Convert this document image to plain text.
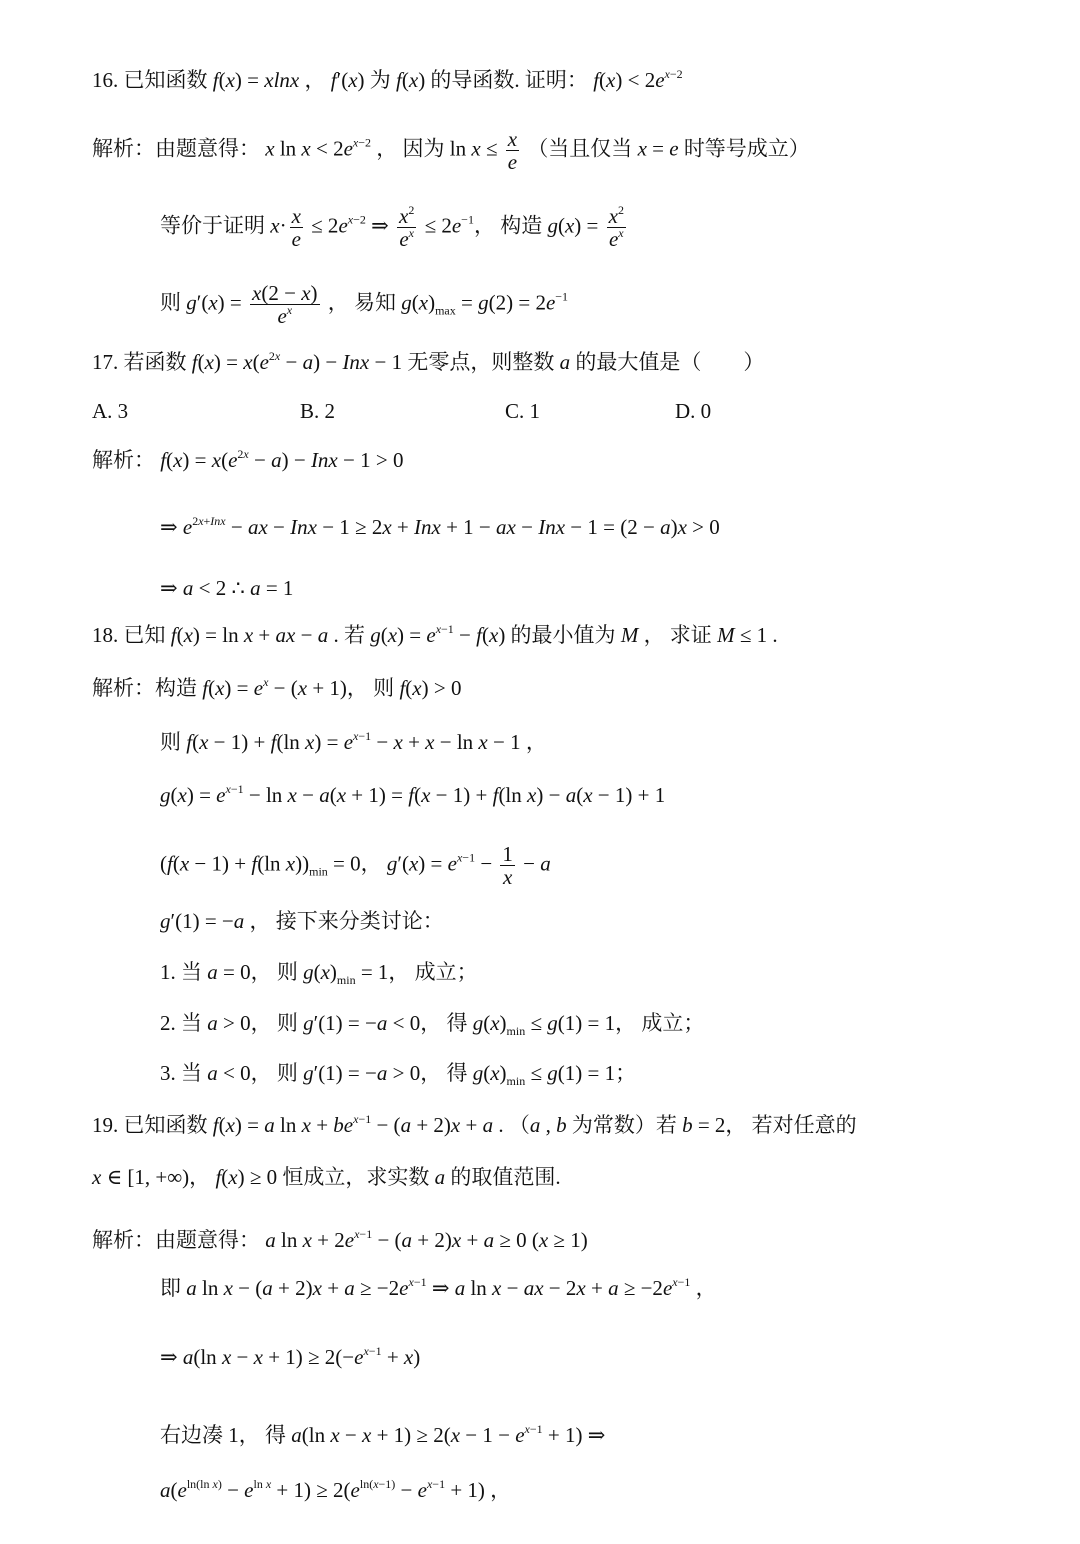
16. 已知函数 f(x) = xlnx ， f′(x) 为 f(x) 的导函数. 证明： $f(x) < 2e^{x-2}$
解析：由题意得： x $\ln x < 2e^{x-2}$ ， 因为 $\ln x \le \frac{x}{e}$ （当且仅当 x = e 时等号成立）
等价于证明 $x\cdot \frac{x}{e} \le 2e^{x-2}$ ⇒ $\frac{x^2}{e^x} \le 2e^{-1}$， 构造 $g(x) = \frac{x^2}{e^x}$
则 $g'(x) = \frac{x(2 - x)}{e^x}$ ， 易知 $g(x)_{max} = g(2) = 2e^{-1}$
17. 若函数 $f(x) = x(e^{2x} - a)$ − Inx − 1 无零点，则整数 a 的最大值是（　　）
A. 3	B. 2	C. 1	D. 0
解析： $f(x) = x(e^{2x} - a)$ − Inx − 1 > 0
⇒ $e^{2x+Inx}$ − ax − Inx − 1 ≥ 2x + Inx + 1 − ax − Inx − 1 = (2 − a)x > 0
⇒ a < 2 ∴ a = 1
18. 已知 f(x) = ln x + ax − a . 若 $g(x) = e^{x-1} - f(x)$ 的最小值为 M ， 求证 M ≤ 1 .
解析：构造 $f(x) = e^x - (x + 1)$， 则 f(x) > 0
则 f(x − 1) + f(ln $x) = e^{x-1} - x + x - \ln x - 1$ ，
$g(x) = e^{x-1} - \ln x - a(x + 1) = f(x - 1) + f(\ln$ x) − a(x − 1) + 1
(f(x − 1) + f(ln $x))_{min} = 0$， $g'(x) = e^{x-1} - \frac{1}{x} - a$
g′(1) = −a ， 接下来分类讨论：
1. 当 a = 0， 则 $g(x)_{min} = 1$， 成立；
2. 当 a > 0， 则 g′(1) = −a < 0， 得 $g(x)_{min} \le g(1) = 1$， 成立；
3. 当 a < 0， 则 g′(1) = −a > 0， 得 $g(x)_{min} \le g(1) = 1$；
19. 已知函数 f(x) = a $\ln x + be^{x-1} - (a + 2)x + a$ . （a , b 为常数）若 b = 2， 若对任意的
x ∈ [1, +∞)， f(x) ≥ 0 恒成立，求实数 a 的取值范围.
解析：由题意得： a $\ln x + 2e^{x-1} - (a + 2)x + a \ge 0$ (x ≥ 1)
即 a $\ln x - (a + 2)x + a \ge -2e^{x-1}$ ⇒ a ln x − ax − $2x + a \ge -2e^{x-1}$ ，
⇒ a(ln $x - x + 1) \ge 2(-e^{x-1} + x)$
右边凑 1， 得 a(ln $x - x + 1) \ge 2(x - 1 - e^{x-1} + 1)$ ⇒
$a(e^{ln(ln x)} - e^{ln x} + 1) \ge 2(e^{ln(x-1)} - e^{x-1} + 1)$ ，
